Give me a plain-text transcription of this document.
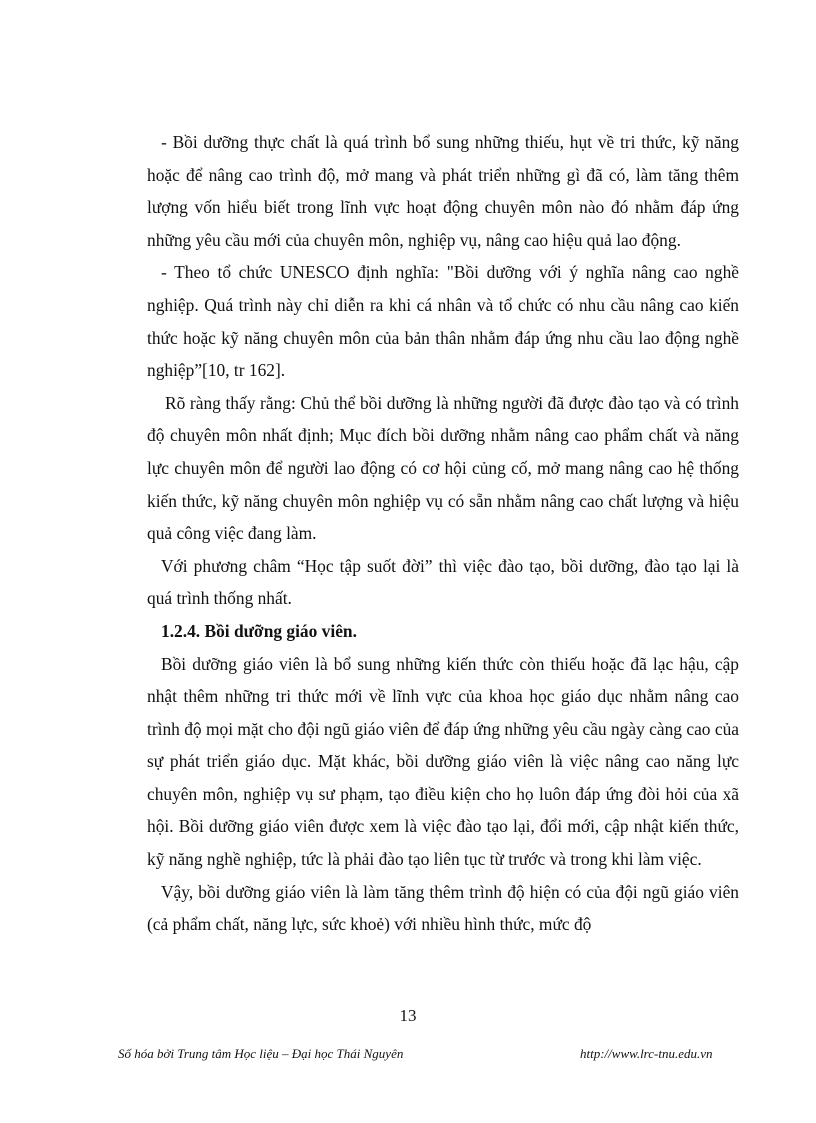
- Bồi dưỡng thực chất là quá trình bổ sung những thiếu, hụt về tri thức, kỹ năng hoặc để nâng cao trình độ, mở mang và phát triển những gì đã có, làm tăng thêm lượng vốn hiểu biết trong lĩnh vực hoạt động chuyên môn nào đó nhằm đáp ứng những yêu cầu mới của chuyên môn, nghiệp vụ, nâng cao hiệu quả lao động.

- Theo tổ chức UNESCO định nghĩa: "Bồi dưỡng với ý nghĩa nâng cao nghề nghiệp. Quá trình này chỉ diễn ra khi cá nhân và tổ chức có nhu cầu nâng cao kiến thức hoặc kỹ năng chuyên môn của bản thân nhằm đáp ứng nhu cầu lao động nghề nghiệp”[10, tr 162].

Rõ ràng thấy rằng: Chủ thể bồi dưỡng là những người đã được đào tạo và có trình độ chuyên môn nhất định; Mục đích bồi dưỡng nhằm nâng cao phẩm chất và năng lực chuyên môn để người lao động có cơ hội củng cố, mở mang nâng cao hệ thống kiến thức, kỹ năng chuyên môn nghiệp vụ có sẵn nhằm nâng cao chất lượng và hiệu quả công việc đang làm.

Với phương châm “Học tập suốt đời” thì việc đào tạo, bồi dưỡng, đào tạo lại là quá trình thống nhất.

1.2.4. Bồi dưỡng giáo viên.

Bồi dưỡng giáo viên là bổ sung những kiến thức còn thiếu hoặc đã lạc hậu, cập nhật thêm những tri thức mới về lĩnh vực của khoa học giáo dục nhằm nâng cao trình độ mọi mặt cho đội ngũ giáo viên để đáp ứng những yêu cầu ngày càng cao của sự phát triển giáo dục. Mặt khác, bồi dưỡng giáo viên là việc nâng cao năng lực chuyên môn, nghiệp vụ sư phạm, tạo điều kiện cho họ luôn đáp ứng đòi hỏi của xã hội. Bồi dưỡng giáo viên được xem là việc đào tạo lại, đổi mới, cập nhật kiến thức, kỹ năng nghề nghiệp, tức là phải đào tạo liên tục từ trước và trong khi làm việc.

Vậy, bồi dưỡng giáo viên là làm tăng thêm trình độ hiện có của đội ngũ giáo viên (cả phẩm chất, năng lực, sức khoẻ) với nhiều hình thức, mức độ

13
Số hóa bởi Trung tâm Học liệu – Đại học Thái Nguyên	http://www.lrc-tnu.edu.vn
